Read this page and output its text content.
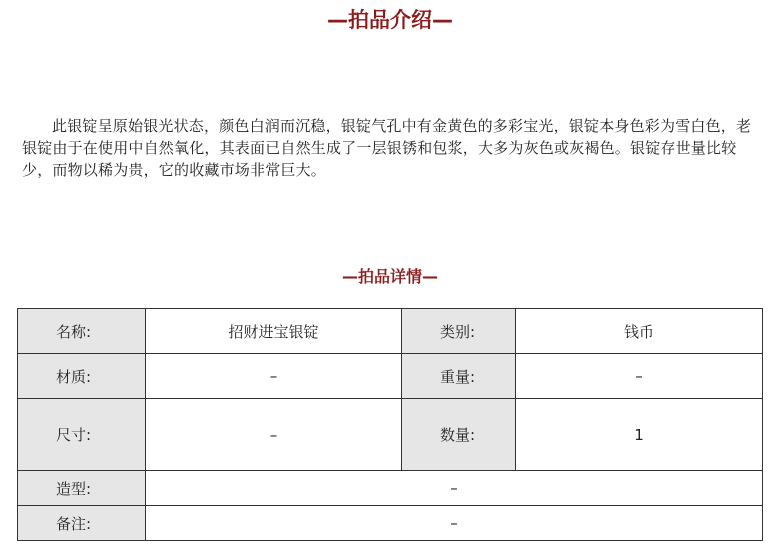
—拍品介绍—

此银锭呈原始银光状态，颜色白润而沉稳，银锭气孔中有金黄色的多彩宝光，银锭本身色彩为雪白色，老银锭由于在使用中自然氧化，其表面已自然生成了一层银锈和包浆，大多为灰色或灰褐色。银锭存世量比较少，而物以稀为贵，它的收藏市场非常巨大。

—拍品详情—
名称:	招财进宝银锭	类别:	钱币
材质:	–	重量:	–
尺寸:	–	数量:	1
造型:	–		
备注:	–		
